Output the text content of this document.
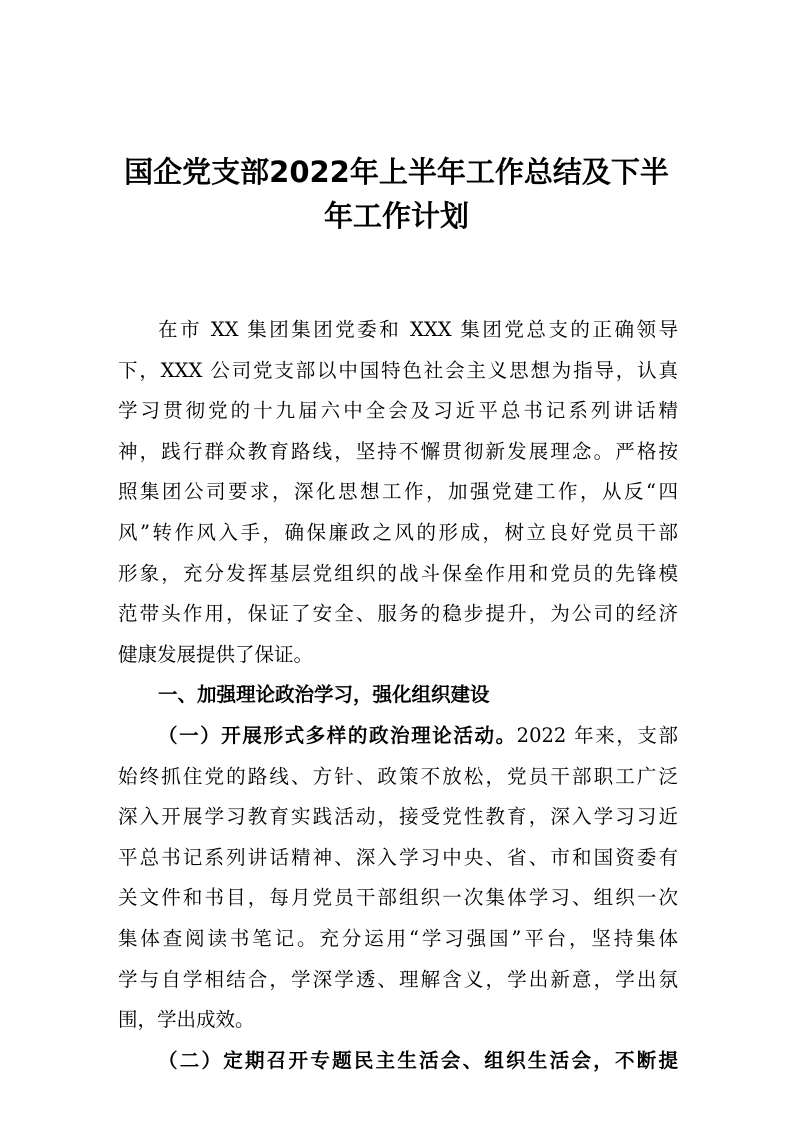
国企党支部2022年上半年工作总结及下半
年工作计划
在市 XX 集团集团党委和 XXX 集团党总支的正确领导
下，XXX 公司党支部以中国特色社会主义思想为指导，认真
学习贯彻党的十九届六中全会及习近平总书记系列讲话精
神，践行群众教育路线，坚持不懈贯彻新发展理念。严格按
照集团公司要求，深化思想工作，加强党建工作，从反“四
风”转作风入手，确保廉政之风的形成，树立良好党员干部
形象，充分发挥基层党组织的战斗保垒作用和党员的先锋模
范带头作用，保证了安全、服务的稳步提升，为公司的经济
健康发展提供了保证。
一、加强理论政治学习，强化组织建设
（一）开展形式多样的政治理论活动。2022 年来，支部
始终抓住党的路线、方针、政策不放松，党员干部职工广泛
深入开展学习教育实践活动，接受党性教育，深入学习习近
平总书记系列讲话精神、深入学习中央、省、市和国资委有
关文件和书目，每月党员干部组织一次集体学习、组织一次
集体查阅读书笔记。充分运用“学习强国”平台，坚持集体
学与自学相结合，学深学透、理解含义，学出新意，学出氛
围，学出成效。
（二）定期召开专题民主生活会、组织生活会，不断提
